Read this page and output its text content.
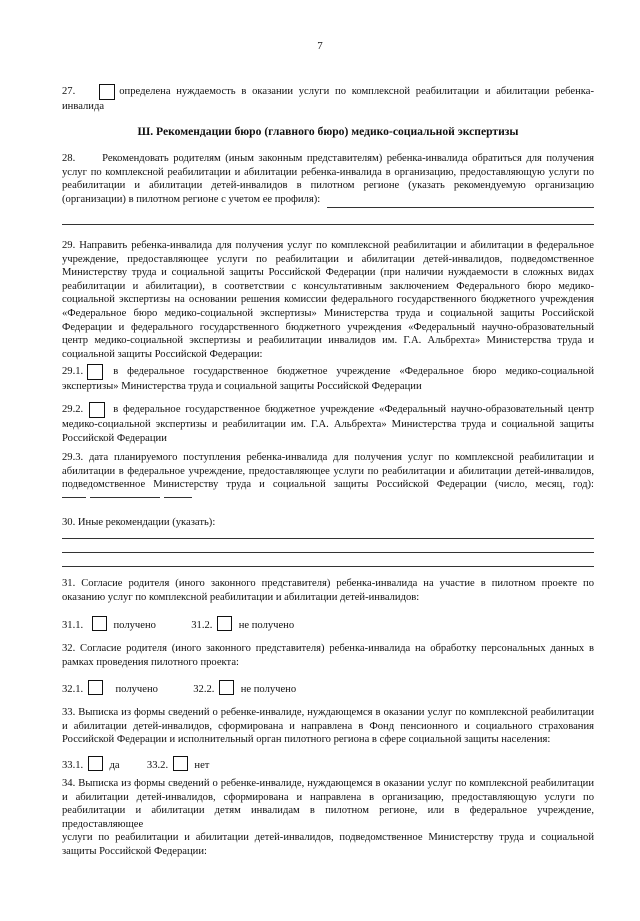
7
27.	определена нуждаемость в оказании услуги по комплексной реабилитации и абилитации ребенка-
инвалида
Ш. Рекомендации бюро (главного бюро) медико-социальной экспертизы
28.	Рекомендовать родителям (иным законным представителям) ребенка-инвалида обратиться для получения
услуг по комплексной реабилитации и абилитации ребенка-инвалида в организацию, предоставляющую услуги по
реабилитации и абилитации детей-инвалидов в пилотном регионе (указать рекомендуемую организацию
(организации) в пилотном регионе с учетом ее профиля):
29. Направить ребенка-инвалида для получения услуг по комплексной реабилитации и абилитации в федеральное
учреждение, предоставляющее услуги по реабилитации и абилитации детей-инвалидов, подведомственное
Министерству труда и социальной защиты Российской Федерации (при наличии нуждаемости в сложных видах
реабилитации и абилитации), в соответствии с консультативным заключением Федерального бюро медико-
социальной экспертизы на основании решения комиссии федерального государственного бюджетного учреждения
«Федеральное бюро медико-социальной экспертизы» Министерства труда и социальной защиты Российской
Федерации и федерального государственного бюджетного учреждения «Федеральный научно-образовательный
центр медико-социальной экспертизы и реабилитации инвалидов им. Г.А. Альбрехта» Министерства труда и
социальной защиты Российской Федерации:
29.1.	в федеральное государственное бюджетное учреждение «Федеральное бюро медико-социальной
экспертизы» Министерства труда и социальной защиты Российской Федерации
29.2.	в федеральное государственное бюджетное учреждение «Федеральный научно-образовательный центр
медико-социальной экспертизы и реабилитации им. Г.А. Альбрехта» Министерства труда и социальной защиты
Российской Федерации
29.3. дата планируемого поступления ребенка-инвалида для получения услуг по комплексной реабилитации и
абилитации в федеральное учреждение, предоставляющее услуги по реабилитации и абилитации детей-инвалидов,
подведомственное Министерству труда и социальной защиты Российской Федерации (число, месяц, год):
30. Иные рекомендации (указать):
31. Согласие родителя (иного законного представителя) ребенка-инвалида на участие в пилотном проекте по
оказанию услуг по комплексной реабилитации и абилитации детей-инвалидов:
31.1.	получено	31.2. не получено
32. Согласие родителя (иного законного представителя) ребенка-инвалида на обработку персональных данных в
рамках проведения пилотного проекта:
32.1.	получено	32.2. не получено
33. Выписка из формы сведений о ребенке-инвалиде, нуждающемся в оказании услуг по комплексной реабилитации
и абилитации детей-инвалидов, сформирована и направлена в Фонд пенсионного и социального страхования
Российской Федерации и исполнительный орган пилотного региона в сфере социальной защиты населения:
33.1. да	33.2. нет
34. Выписка из формы сведений о ребенке-инвалиде, нуждающемся в оказании услуг по комплексной реабилитации
и абилитации детей-инвалидов, сформирована и направлена в организацию, предоставляющую услуги по
реабилитации и абилитации детям инвалидам в пилотном регионе, или в федеральное учреждение, предоставляющее
услуги по реабилитации и абилитации детей-инвалидов, подведомственное Министерству труда и социальной
защиты Российской Федерации:
